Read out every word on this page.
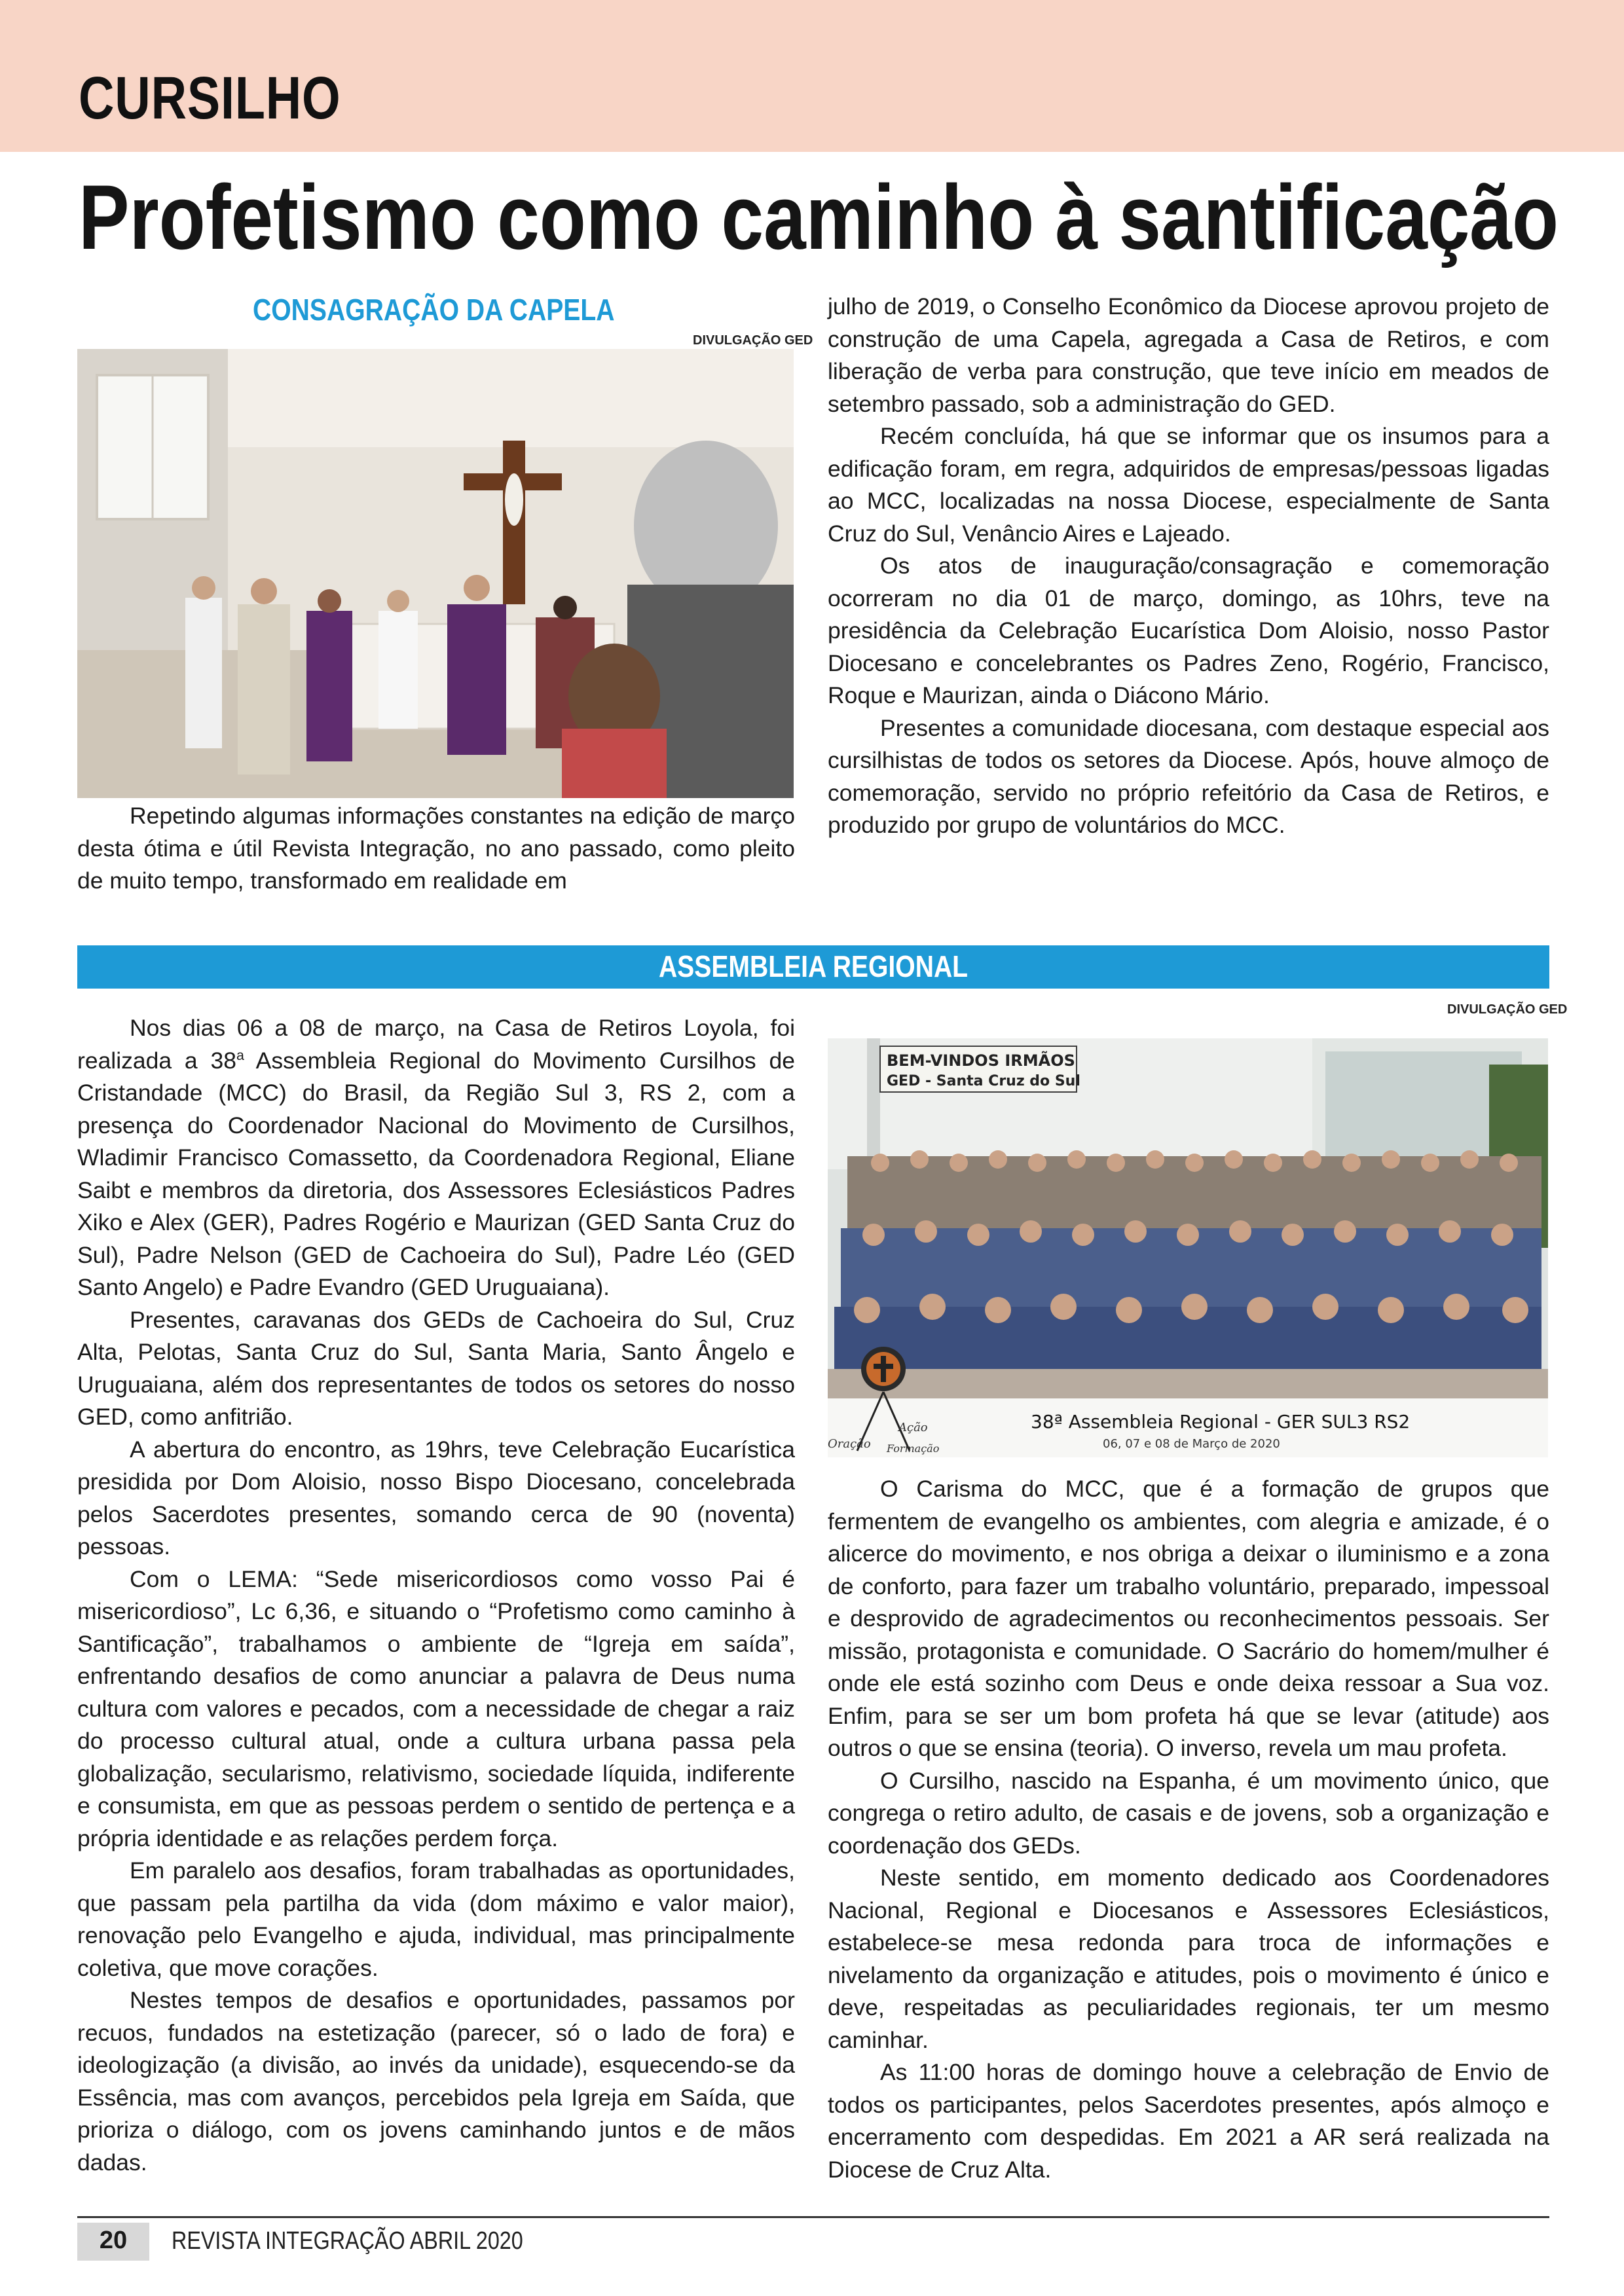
CURSILHO
Profetismo como caminho à santificação
CONSAGRAÇÃO DA CAPELA
DIVULGAÇÃO GED

Repetindo algumas informações constantes na edição de março desta ótima e útil Revista Integração, no ano passado, como pleito de muito tempo, transformado em realidade em

julho de 2019, o Conselho Econômico da Diocese aprovou projeto de construção de uma Capela, agregada a Casa de Retiros, e com liberação de verba para construção, que teve início em meados de setembro passado, sob a administração do GED.

Recém concluída, há que se informar que os insumos para a edificação foram, em regra, adquiridos de empresas/pessoas ligadas ao MCC, localizadas na nossa Diocese, especialmente de Santa Cruz do Sul, Venâncio Aires e Lajeado.

Os atos de inauguração/consagração e comemoração ocorreram no dia 01 de março, domingo, as 10hrs, teve na presidência da Celebração Eucarística Dom Aloisio, nosso Pastor Diocesano e concelebrantes os Padres Zeno, Rogério, Francisco, Roque e Maurizan, ainda o Diácono Mário.

Presentes a comunidade diocesana, com destaque especial aos cursilhistas de todos os setores da Diocese. Após, houve almoço de comemoração, servido no próprio refeitório da Casa de Retiros, e produzido por grupo de voluntários do MCC.

ASSEMBLEIA REGIONAL
DIVULGAÇÃO GED

Nos dias 06 a 08 de março, na Casa de Retiros Loyola, foi realizada a 38$^a$ Assembleia Regional do Movimento Cursilhos de Cristandade (MCC) do Brasil, da Região Sul 3, RS 2, com a presença do Coordenador Nacional do Movimento de Cursilhos, Wladimir Francisco Comassetto, da Coordenadora Regional, Eliane Saibt e membros da diretoria, dos Assessores Eclesiásticos Padres Xiko e Alex (GER), Padres Rogério e Maurizan (GED Santa Cruz do Sul), Padre Nelson (GED de Cachoeira do Sul), Padre Léo (GED Santo Angelo) e Padre Evandro (GED Uruguaiana).

Presentes, caravanas dos GEDs de Cachoeira do Sul, Cruz Alta, Pelotas, Santa Cruz do Sul, Santa Maria, Santo Ângelo e Uruguaiana, além dos representantes de todos os setores do nosso GED, como anfitrião.

A abertura do encontro, as 19hrs, teve Celebração Eucarística presidida por Dom Aloisio, nosso Bispo Diocesano, concelebrada pelos Sacerdotes presentes, somando cerca de 90 (noventa) pessoas.

Com o LEMA: “Sede misericordiosos como vosso Pai é misericordioso”, Lc 6,36, e situando o “Profetismo como caminho à Santificação”, trabalhamos o ambiente de “Igreja em saída”, enfrentando desafios de como anunciar a palavra de Deus numa cultura com valores e pecados, com a necessidade de chegar a raiz do processo cultural atual, onde a cultura urbana passa pela globalização, secularismo, relativismo, sociedade líquida, indiferente e consumista, em que as pessoas perdem o sentido de pertença e a própria identidade e as relações perdem força.

Em paralelo aos desafios, foram trabalhadas as oportunidades, que passam pela partilha da vida (dom máximo e valor maior), renovação pelo Evangelho e ajuda, individual, mas principalmente coletiva, que move corações.

Nestes tempos de desafios e oportunidades, passamos por recuos, fundados na estetização (parecer, só o lado de fora) e ideologização (a divisão, ao invés da unidade), esquecendo-se da Essência, mas com avanços, percebidos pela Igreja em Saída, que prioriza o diálogo, com os jovens caminhando juntos e de mãos dadas.

BEM-VINDOS IRMÃOS
GED - Santa Cruz do Sul
Oração
Ação
Formação
38ª Assembleia Regional - GER SUL3 RS2
06, 07 e 08 de Março de 2020

O Carisma do MCC, que é a formação de grupos que fermentem de evangelho os ambientes, com alegria e amizade, é o alicerce do movimento, e nos obriga a deixar o iluminismo e a zona de conforto, para fazer um trabalho voluntário, preparado, impessoal e desprovido de agradecimentos ou reconhecimentos pessoais. Ser missão, protagonista e comunidade. O Sacrário do homem/mulher é onde ele está sozinho com Deus e onde deixa ressoar a Sua voz. Enfim, para se ser um bom profeta há que se levar (atitude) aos outros o que se ensina (teoria). O inverso, revela um mau profeta.

O Cursilho, nascido na Espanha, é um movimento único, que congrega o retiro adulto, de casais e de jovens, sob a organização e coordenação dos GEDs.

Neste sentido, em momento dedicado aos Coordenadores Nacional, Regional e Diocesanos e Assessores Eclesiásticos, estabelece-se mesa redonda para troca de informações e nivelamento da organização e atitudes, pois o movimento é único e deve, respeitadas as peculiaridades regionais, ter um mesmo caminhar.

As 11:00 horas de domingo houve a celebração de Envio de todos os participantes, pelos Sacerdotes presentes, após almoço e encerramento com despedidas. Em 2021 a AR será realizada na Diocese de Cruz Alta.

20	REVISTA INTEGRAÇÃO ABRIL 2020
